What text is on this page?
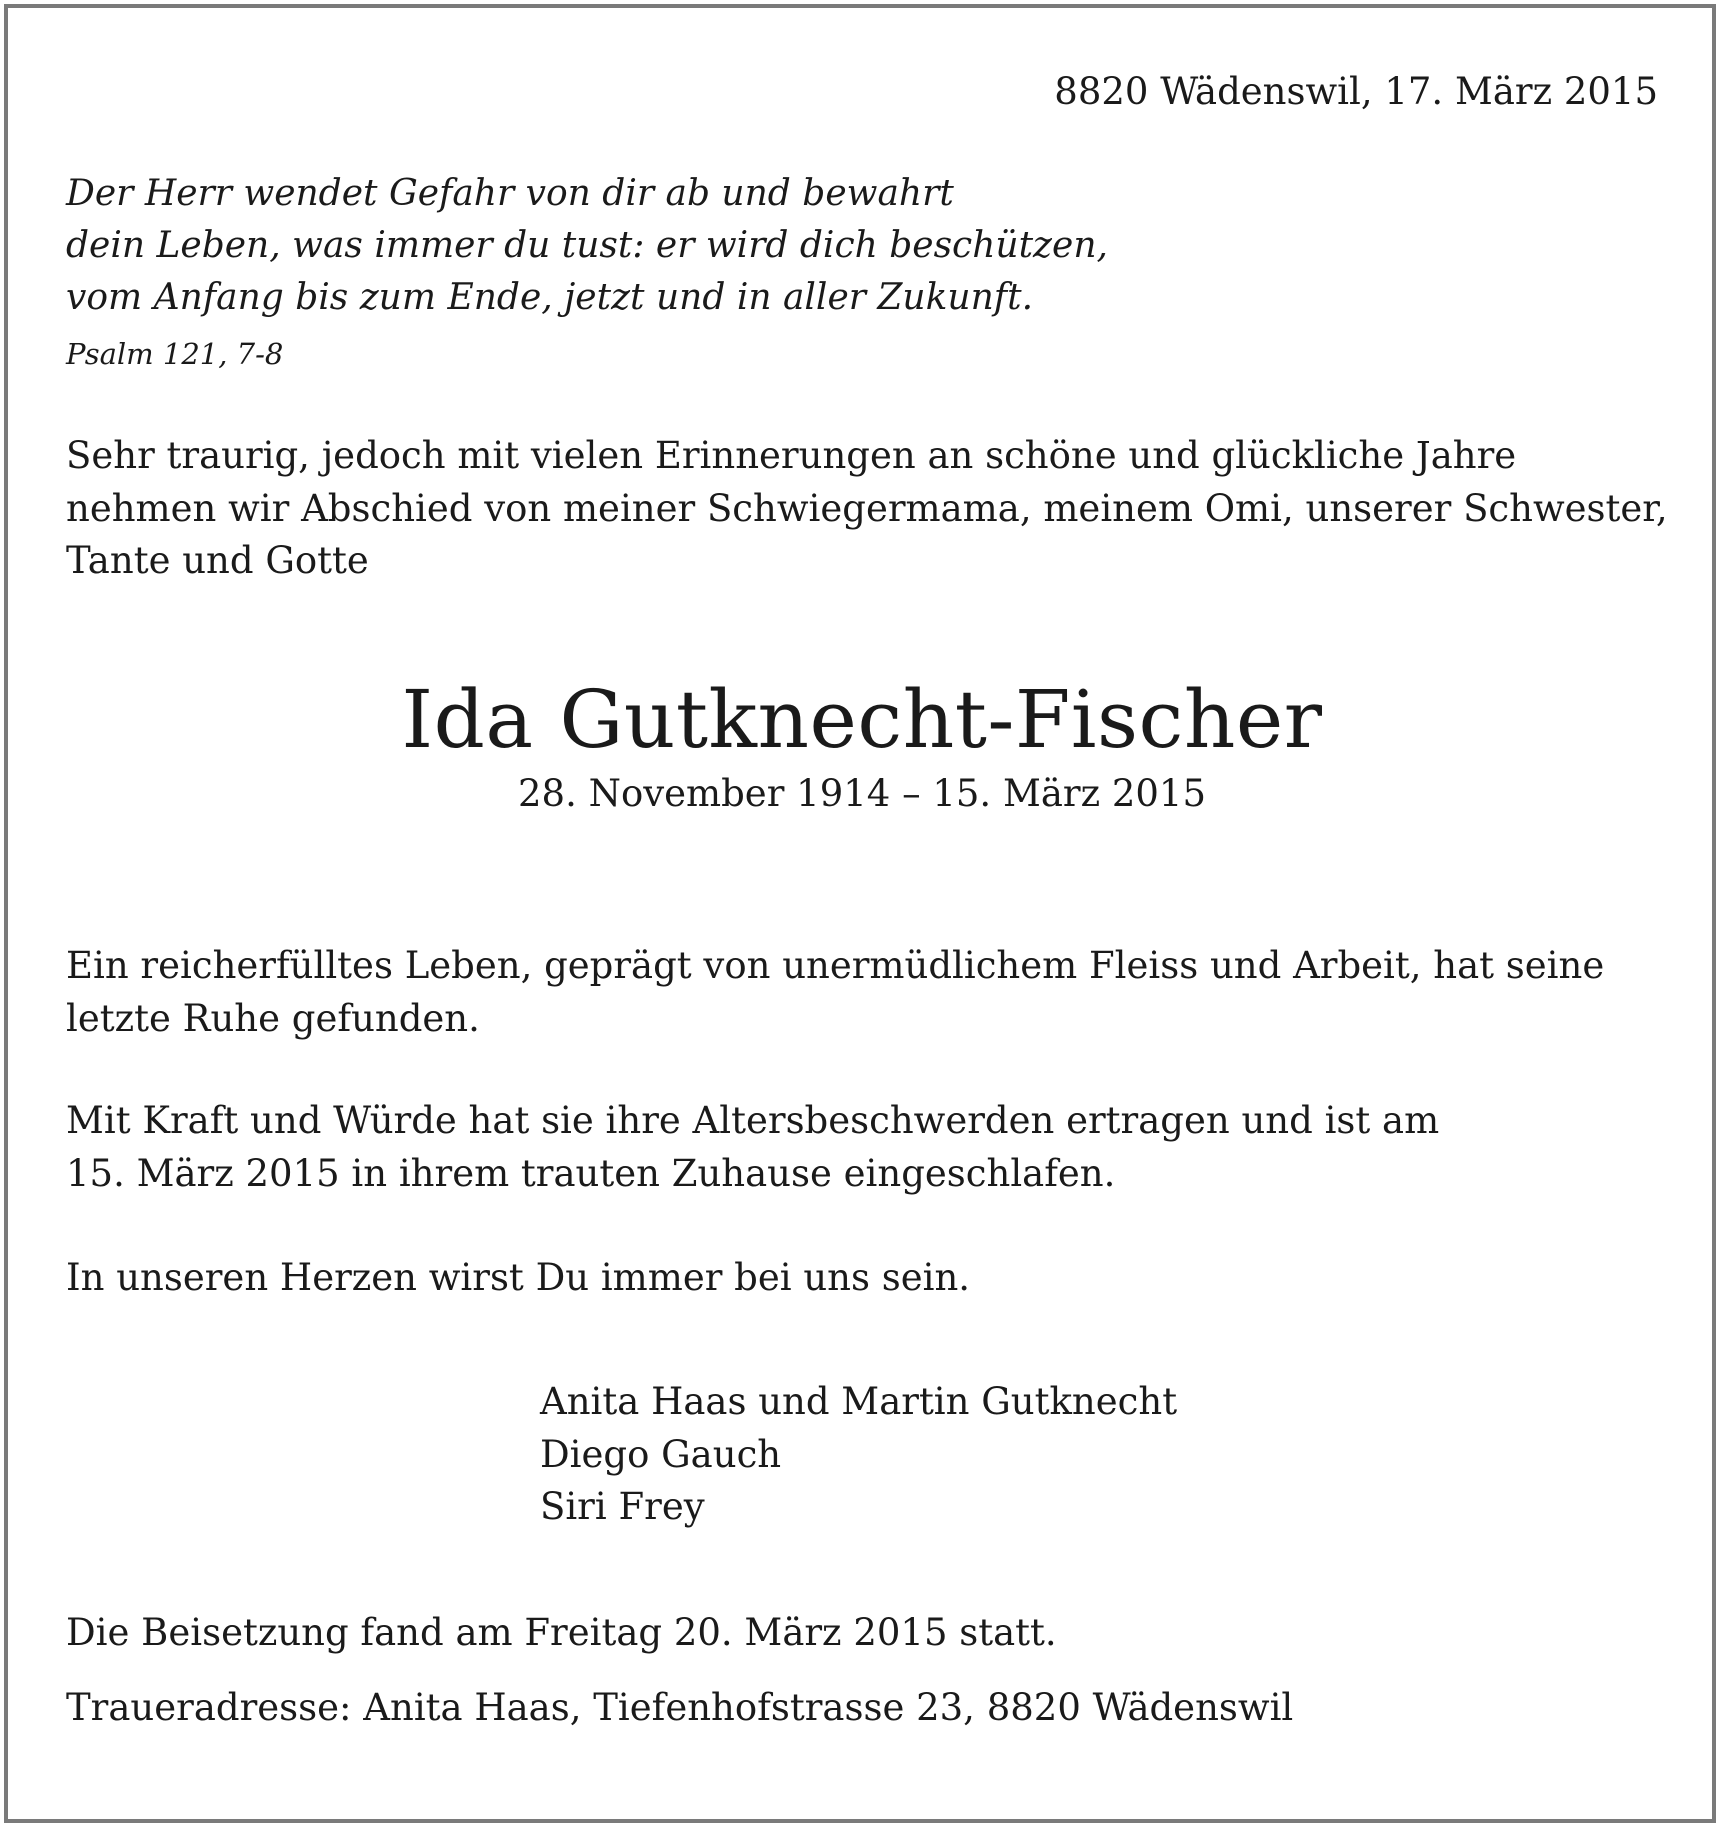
8820 Wädenswil, 17. März 2015

Der Herr wendet Gefahr von dir ab und bewahrt
dein Leben, was immer du tust: er wird dich beschützen,
vom Anfang bis zum Ende, jetzt und in aller Zukunft.

Psalm 121, 7-8

Sehr traurig, jedoch mit vielen Erinnerungen an schöne und glückliche Jahre
nehmen wir Abschied von meiner Schwiegermama, meinem Omi, unserer Schwester,
Tante und Gotte

Ida Gutknecht-Fischer

28. November 1914 – 15. März 2015

Ein reicherfülltes Leben, geprägt von unermüdlichem Fleiss und Arbeit, hat seine
letzte Ruhe gefunden.

Mit Kraft und Würde hat sie ihre Altersbeschwerden ertragen und ist am
15. März 2015 in ihrem trauten Zuhause eingeschlafen.

In unseren Herzen wirst Du immer bei uns sein.

Anita Haas und Martin Gutknecht
Diego Gauch
Siri Frey

Die Beisetzung fand am Freitag 20. März 2015 statt.

Traueradresse: Anita Haas, Tiefenhofstrasse 23, 8820 Wädenswil
